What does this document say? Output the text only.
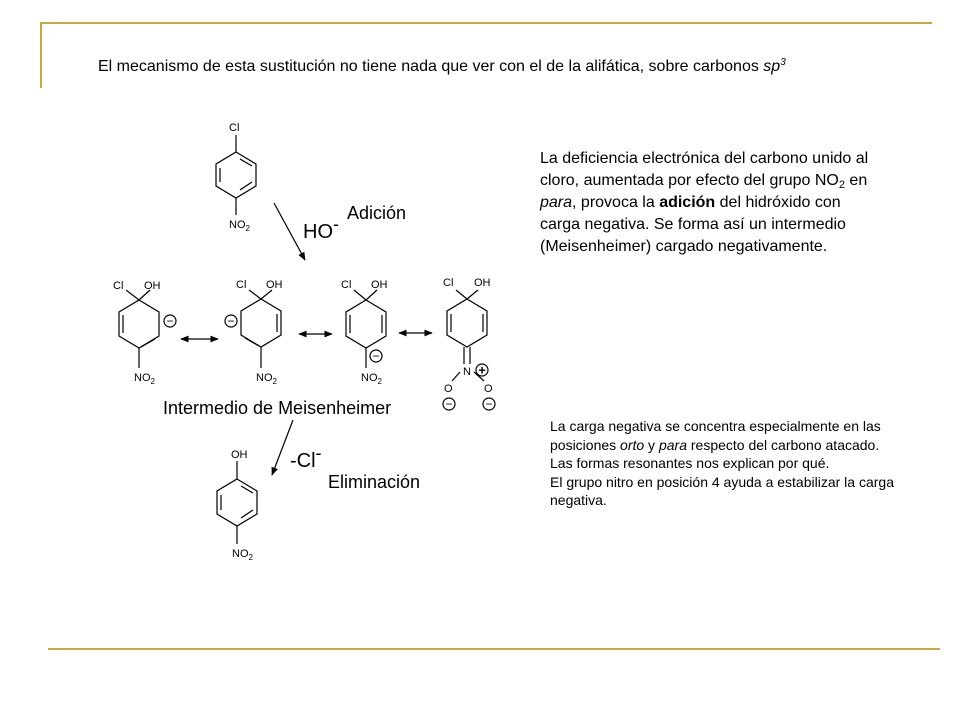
El mecanismo de esta sustitución no tiene nada que ver con el de la alifática, sobre carbonos $sp^3$
La deficiencia electrónica del carbono unido al cloro, aumentada por efecto del grupo $NO_2$ en para, provoca la adición del hidróxido con carga negativa. Se forma así un intermedio (Meisenheimer) cargado negativamente.

La carga negativa se concentra especialmente en las posiciones orto y para respecto del carbono atacado. Las formas resonantes nos explican por qué.

El grupo nitro en posición 4 ayuda a estabilizar la carga negativa.

Cl
$NO_2$	HO-
Adición
Cl OH
$NO_2$
−
Cl OH
$NO_2$
−
Cl OH
$NO_2$
−
Cl OH
N
O	O
+
−	−
Intermedio de Meisenheimer
-Cl-
Eliminación
OH
$NO_2$
